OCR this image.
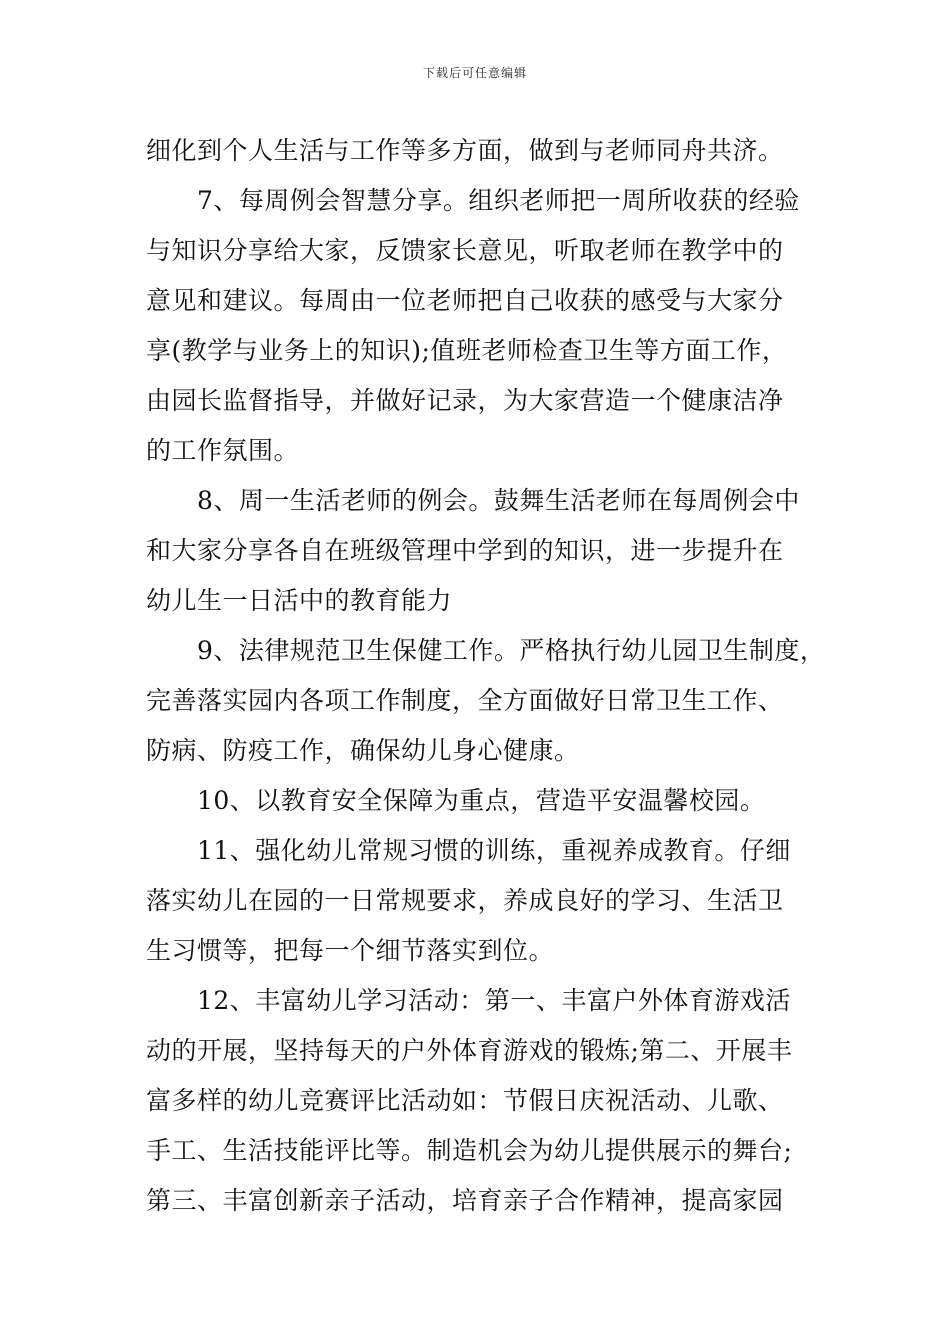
下载后可任意编辑
细化到个人生活与工作等多方面，做到与老师同舟共济。
7、每周例会智慧分享。组织老师把一周所收获的经验
与知识分享给大家，反馈家长意见，听取老师在教学中的
意见和建议。每周由一位老师把自己收获的感受与大家分
享(教学与业务上的知识);值班老师检查卫生等方面工作，
由园长监督指导，并做好记录，为大家营造一个健康洁净
的工作氛围。
8、周一生活老师的例会。鼓舞生活老师在每周例会中
和大家分享各自在班级管理中学到的知识，进一步提升在
幼儿生一日活中的教育能力
9、法律规范卫生保健工作。严格执行幼儿园卫生制度，
完善落实园内各项工作制度，全方面做好日常卫生工作、
防病、防疫工作，确保幼儿身心健康。
10、以教育安全保障为重点，营造平安温馨校园。
11、强化幼儿常规习惯的训练，重视养成教育。仔细
落实幼儿在园的一日常规要求，养成良好的学习、生活卫
生习惯等，把每一个细节落实到位。
12、丰富幼儿学习活动：第一、丰富户外体育游戏活
动的开展，坚持每天的户外体育游戏的锻炼;第二、开展丰
富多样的幼儿竞赛评比活动如：节假日庆祝活动、儿歌、
手工、生活技能评比等。制造机会为幼儿提供展示的舞台;
第三、丰富创新亲子活动，培育亲子合作精神，提高家园
